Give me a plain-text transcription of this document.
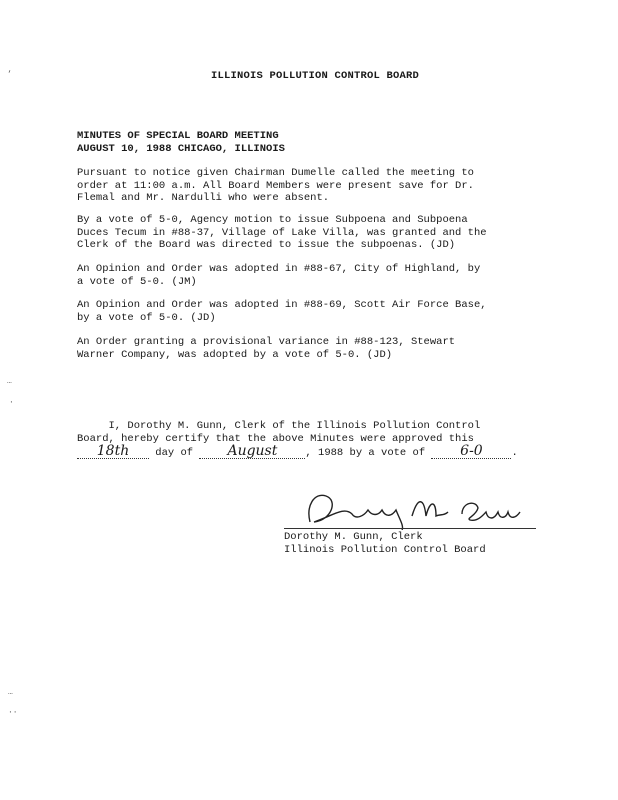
ILLINOIS POLLUTION CONTROL BOARD
MINUTES OF SPECIAL BOARD MEETING
AUGUST 10, 1988 CHICAGO, ILLINOIS
Pursuant to notice given Chairman Dumelle called the meeting to
order at 11:00 a.m. All Board Members were present save for Dr.
Flemal and Mr. Nardulli who were absent.
By a vote of 5-0, Agency motion to issue Subpoena and Subpoena
Duces Tecum in #88-37, Village of Lake Villa, was granted and the
Clerk of the Board was directed to issue the subpoenas. (JD)
An Opinion and Order was adopted in #88-67, City of Highland, by
a vote of 5-0. (JM)
An Opinion and Order was adopted in #88-69, Scott Air Force Base,
by a vote of 5-0. (JD)
An Order granting a provisional variance in #88-123, Stewart
Warner Company, was adopted by a vote of 5-0. (JD)
I, Dorothy M. Gunn, Clerk of the Illinois Pollution Control
Board, hereby certify that the above Minutes were approved this
18th day of August	, 1988 by a vote of 6-0	.
Dorothy M. Gunn
Dorothy M. Gunn, Clerk
Illinois Pollution Control Board
‘
…
·
…
··
